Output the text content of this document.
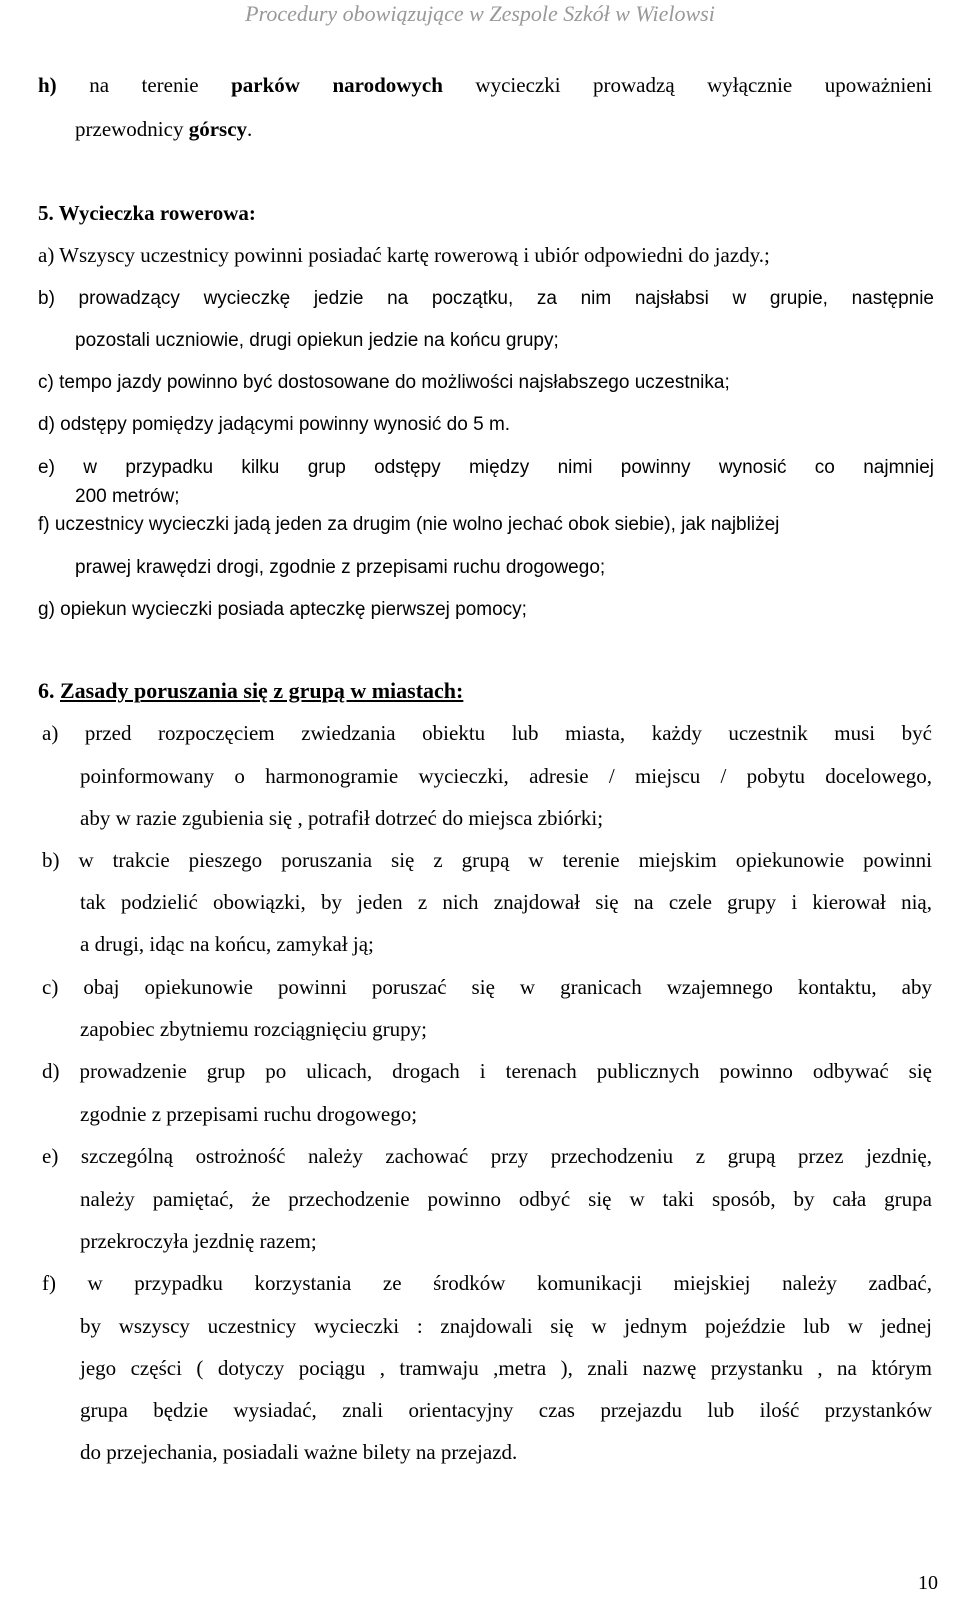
Procedury obowiązujące w Zespole Szkół w Wielowsi
h) na terenie parków narodowych wycieczki prowadzą wyłącznie upoważnieni
przewodnicy górscy.
5. Wycieczka rowerowa:
a) Wszyscy uczestnicy powinni posiadać kartę rowerową i ubiór odpowiedni do jazdy.;
b) prowadzący wycieczkę jedzie na początku, za nim najsłabsi w grupie, następnie
pozostali uczniowie, drugi opiekun jedzie na końcu grupy;
c) tempo jazdy powinno być dostosowane do możliwości najsłabszego uczestnika;
d) odstępy pomiędzy jadącymi powinny wynosić do 5 m.
e) w przypadku kilku grup odstępy między nimi powinny wynosić co najmniej
200 metrów;
f) uczestnicy wycieczki jadą jeden za drugim (nie wolno jechać obok siebie), jak najbliżej
prawej krawędzi drogi, zgodnie z przepisami ruchu drogowego;
g) opiekun wycieczki posiada apteczkę pierwszej pomocy;
6. Zasady poruszania się z grupą w miastach:
a) przed rozpoczęciem zwiedzania obiektu lub miasta, każdy uczestnik musi być
poinformowany o harmonogramie wycieczki, adresie / miejscu / pobytu docelowego,
aby w razie zgubienia się , potrafił dotrzeć do miejsca zbiórki;
b) w trakcie pieszego poruszania się z grupą w terenie miejskim opiekunowie powinni
tak podzielić obowiązki, by jeden z nich znajdował się na czele grupy i kierował nią,
a drugi, idąc na końcu, zamykał ją;
c) obaj opiekunowie powinni poruszać się w granicach wzajemnego kontaktu, aby
zapobiec zbytniemu rozciągnięciu grupy;
d) prowadzenie grup po ulicach, drogach i terenach publicznych powinno odbywać się
zgodnie z przepisami ruchu drogowego;
e) szczególną ostrożność należy zachować przy przechodzeniu z grupą przez jezdnię,
należy pamiętać, że przechodzenie powinno odbyć się w taki sposób, by cała grupa
przekroczyła jezdnię razem;
f) w przypadku korzystania ze środków komunikacji miejskiej należy zadbać,
by wszyscy uczestnicy wycieczki : znajdowali się w jednym pojeździe lub w jednej
jego części ( dotyczy pociągu , tramwaju ,metra ), znali nazwę przystanku , na którym
grupa będzie wysiadać, znali orientacyjny czas przejazdu lub ilość przystanków
do przejechania, posiadali ważne bilety na przejazd.
10
